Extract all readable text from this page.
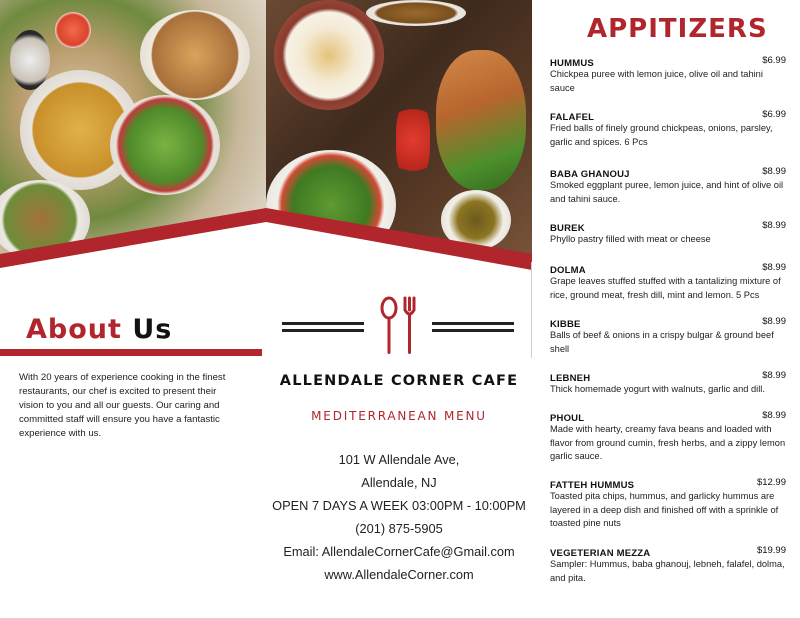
About Us

With 20 years of experience cooking in the finest restaurants, our chef is excited to present their vision to you and all our guests. Our caring and committed staff will ensure you have a fantastic experience with us.

ALLENDALE CORNER CAFE

MEDITERRANEAN MENU

101 W Allendale Ave,
Allendale, NJ
OPEN 7 DAYS A WEEK 03:00PM - 10:00PM
(201) 875-5905
Email: AllendaleCornerCafe@Gmail.com
www.AllendaleCorner.com
APPITIZERS
HUMMUS	$6.99

Chickpea puree with lemon juice, olive oil and tahini sauce

FALAFEL	$6.99

Fried balls of finely ground chickpeas, onions, parsley, garlic and spices. 6 Pcs

BABA GHANOUJ	$8.99

Smoked eggplant puree, lemon juice, and hint of olive oil and tahini sauce.

BUREK	$8.99

Phyllo pastry filled with meat or cheese

DOLMA	$8.99

Grape leaves stuffed stuffed with a tantalizing mixture of rice, ground meat, fresh dill, mint and lemon. 5 Pcs

KIBBE	$8.99

Balls of beef & onions in a crispy bulgar & ground beef shell

LEBNEH	$8.99

Thick homemade yogurt with walnuts, garlic and dill.

PHOUL	$8.99

Made with hearty, creamy fava beans and loaded with flavor from ground cumin, fresh herbs, and a zippy lemon garlic sauce.

FATTEH HUMMUS	$12.99

Toasted pita chips, hummus, and garlicky hummus are layered in a deep dish and finished off with a sprinkle of toasted pine nuts

VEGETERIAN MEZZA	$19.99

Sampler: Hummus, baba ghanouj, lebneh, falafel, dolma, and pita.
